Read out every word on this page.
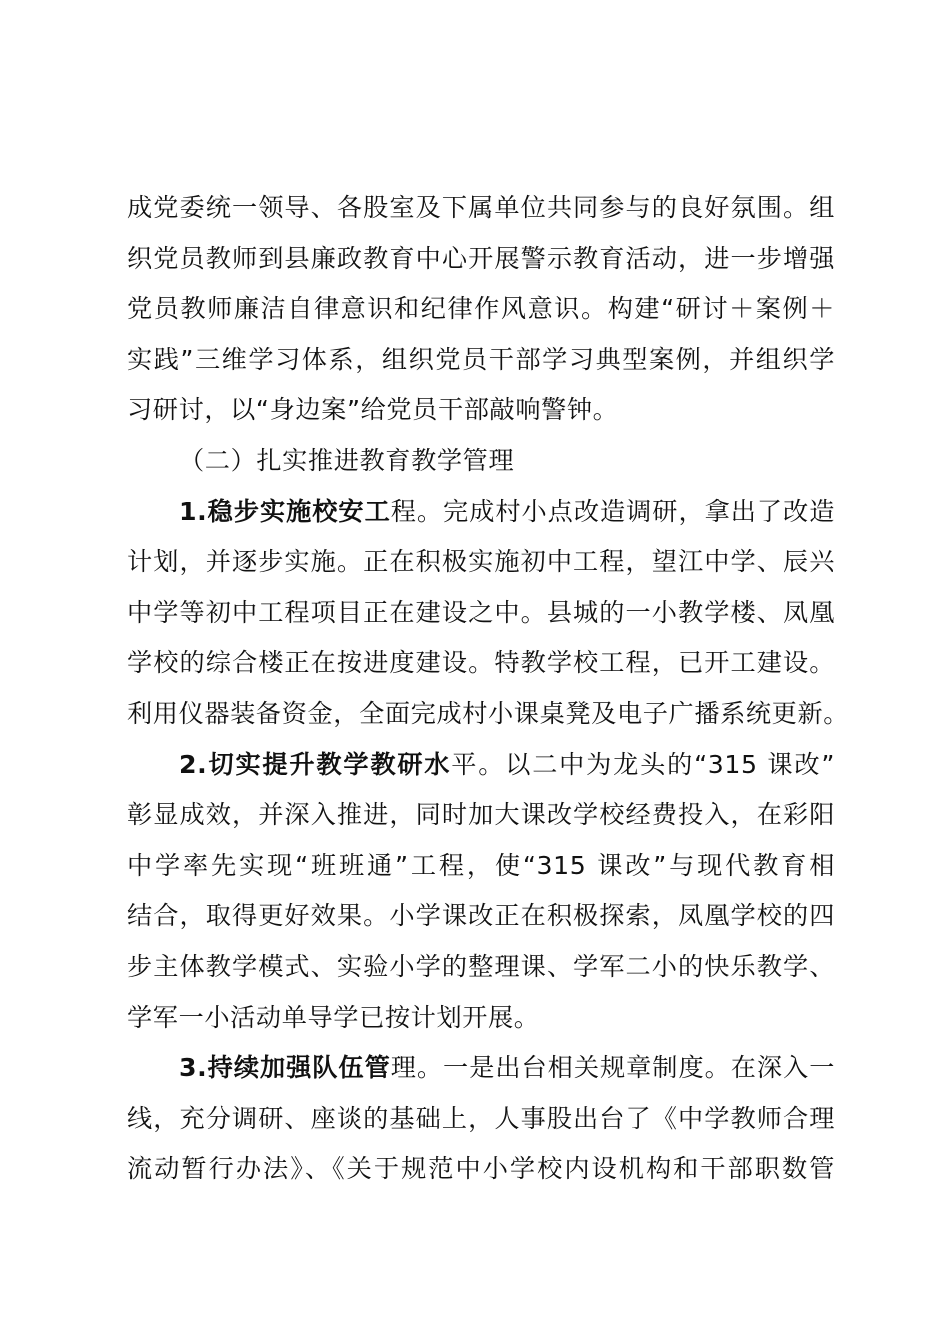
成党委统一领导、各股室及下属单位共同参与的良好氛围。组
织党员教师到县廉政教育中心开展警示教育活动，进一步增强
党员教师廉洁自律意识和纪律作风意识。构建“研讨＋案例＋
实践”三维学习体系，组织党员干部学习典型案例，并组织学
习研讨，以“身边案”给党员干部敲响警钟。
（二）扎实推进教育教学管理
1.稳步实施校安工程。完成村小点改造调研，拿出了改造
计划，并逐步实施。正在积极实施初中工程，望江中学、辰兴
中学等初中工程项目正在建设之中。县城的一小教学楼、凤凰
学校的综合楼正在按进度建设。特教学校工程，已开工建设。
利用仪器装备资金，全面完成村小课桌凳及电子广播系统更新。
2.切实提升教学教研水平。以二中为龙头的“315 课改”
彰显成效，并深入推进，同时加大课改学校经费投入，在彩阳
中学率先实现“班班通”工程，使“315 课改”与现代教育相
结合，取得更好效果。小学课改正在积极探索，凤凰学校的四
步主体教学模式、实验小学的整理课、学军二小的快乐教学、
学军一小活动单导学已按计划开展。
3.持续加强队伍管理。一是出台相关规章制度。在深入一
线，充分调研、座谈的基础上，人事股出台了《中学教师合理
流动暂行办法》、《关于规范中小学校内设机构和干部职数管
